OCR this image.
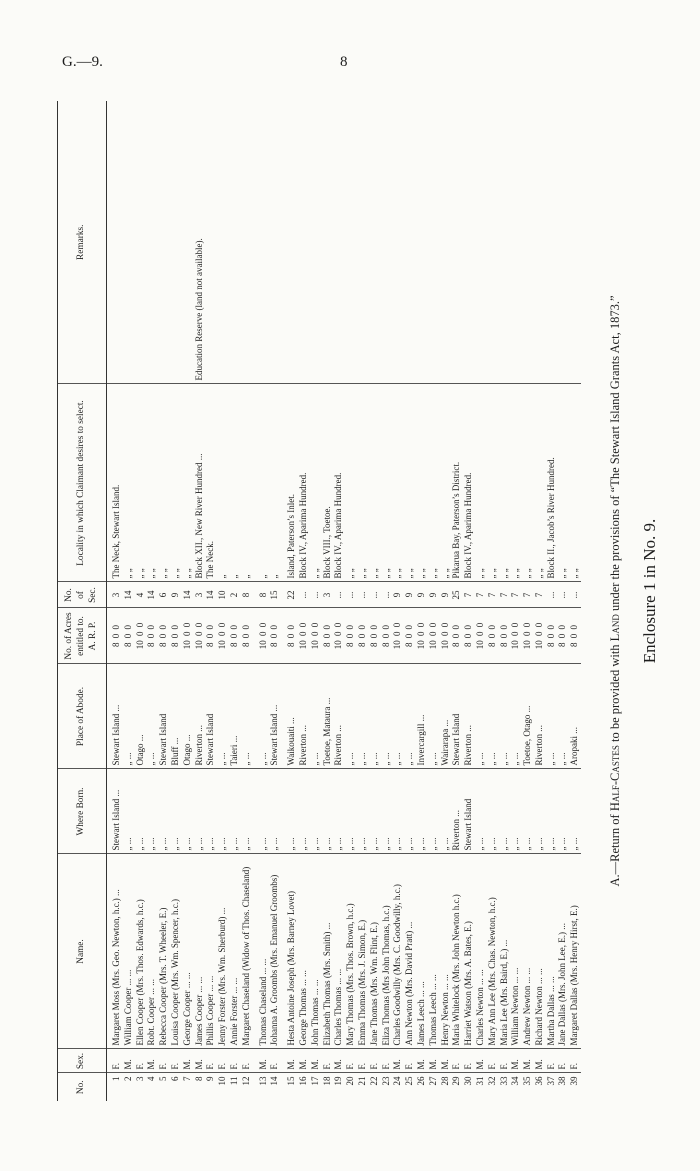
G.—9.	8
Enclosure 1 in No. 9.
A.—Return of Half-Castes to be provided with Land under the provisions of “The Stewart Island Grants Act, 1873.”
No.	Sex.	Name.	Where Born.	Place of Abode.	No. of Acres entitled to. A. R. P.	No. of Sec.	Locality in which Claimant desires to select.	Remarks.
1	F.	Margaret Moss (Mrs. Geo. Newton, h.c.) ...	Stewart Island ...	Stewart Island ...	8 0 0	3	The Neck, Stewart Island.	
2	M.	William Cooper ... ...	„ ...	„ ...	8 0 0	14	„ „	
3	F.	Ellen Cooper (Mrs. Thos. Edwards, h.c.)	„ ...	Otago ...	10 0 0	4	„ „	
4	M.	Robt. Cooper ... ...	„ ...	„ ...	8 0 0	14	„ „	
5	F.	Rebecca Cooper (Mrs. T. Wheeler, E.)	„ ...	Stewart Island	8 0 0	6	„ „	
6	F.	Louisa Cooper (Mrs. Wm. Spencer, h.c.)	„ ...	Bluff ...	8 0 0	9	„ „	
7	M.	George Cooper ... ...	„ ...	Otago ...	10 0 0	14	„ „	
8	M.	James Cooper ... ...	„ ...	Riverton ...	10 0 0	3	Block XII., New River Hundred ...	Education Reserve (land not available).
9	F.	Phillis Cooper ... ...	„ ...	Stewart Island	8 0 0	14	The Neck.	
10	F.	Jenny Forster (Mrs. Wm. Sherburd) ...	„ ...	„ ...	10 0 0	10	„	
11	F.	Annie Forster ... ...	„ ...	Taieri ...	8 0 0	2	„	
12	F.	Margaret Chaseland (Widow of Thos. Chaseland)	„ ...	„ ...	8 0 0	8	„	
13	M.	Thomas Chaseland ... ...	„ ...	„ ...	10 0 0	8	„	
14	F.	Johanna A. Groombs (Mrs. Emanuel Groombs)	„ ...	Stewart Island ...	8 0 0	15	„	
15	M.	Hesta Antoine Joseph (Mrs. Barney Lovet)	„ ...	Waikouaiti ...	8 0 0	22	Island, Paterson’s Inlet.	
16	M.	George Thomas ... ...	„ ...	Riverton ...	10 0 0	...	Block IV., Aparima Hundred.	
17	M.	John Thomas ... ...	„ ...	„ ...	10 0 0	...	„ „	
18	F.	Elizabeth Thomas (Mrs. Smith) ...	„ ...	Toetoe, Mataura ...	8 0 0	3	Block VIII., Toetoe.	
19	M.	Charles Thomas ... ...	„ ...	Riverton ...	10 0 0	...	Block IV., Aparima Hundred.	
20	F.	Mary Thomas (Mrs. Thos. Brown, h.c.)	„ ...	„ ...	8 0 0	...	„ „	
21	F.	Emma Thomas (Mrs. J. Simon, E.)	„ ...	„ ...	8 0 0	...	„ „	
22	F.	Jane Thomas (Mrs. Wm. Flint, E.)	„ ...	„ ...	8 0 0	...	„ „	
23	F.	Eliza Thomas (Mrs John Thomas, h.c.)	„ ...	„ ...	8 0 0	...	„ „	
24	M.	Charles Goodwilly (Mrs. C. Goodwilly, h.c.)	„ ...	„ ...	10 0 0	9	„ „	
25	F.	Ann Newton (Mrs. David Pratt) ...	„ ...	„ ...	8 0 0	9	„ „	
26	M.	James Leech ... ...	„ ...	Invercargill ...	10 0 0	9	„ „	
27	M.	Thomas Leech ... ...	„ ...	„ ...	10 0 0	9	„ „	
28	M.	Henry Newton ... ...	„ ...	Wairarapa ...	10 0 0	9	„ „	
29	F.	Maria Whitelock (Mrs. John Newton h.c.)	Riverton ...	Stewart Island	8 0 0	25	Pikarua Bay, Paterson’s District.	
30	F.	Harriet Watson (Mrs. A. Bates, E.)	Stewart Island	Riverton ...	8 0 0	7	Block IV., Aparima Hundred.	
31	M.	Charles Newton ... ...	„ ...	„ ...	10 0 0	7	„ „	
32	F.	Mary Ann Lee (Mrs. Chas. Newton, h.c.)	„ ...	„ ...	8 0 0	7	„ „	
33	F.	Maria Lee (Mrs. Baird, E.) ...	„ ...	„ ...	8 0 0	7	„ „	
34	M.	William Newton ... ...	„ ...	„ ...	10 0 0	7	„ „	
35	M.	Andrew Newton ... ...	„ ...	Toetoe, Otago ...	10 0 0	7	„ „	
36	M.	Richard Newton ... ...	„ ...	Riverton ...	10 0 0	7	„ „	
37	F.	Martha Dallas ... ...	„ ...	„ ...	8 0 0	...	Block II., Jacob’s River Hundred.	
38	F.	Jane Dallas (Mrs. John Lee, E.) ...	„ ...	„ ...	8 0 0	...	„ „	
39	F.	Margaret Dallas (Mrs. Henry Hirst, E.)	„ ...	Aropaki ...	8 0 0	...	„ „	
